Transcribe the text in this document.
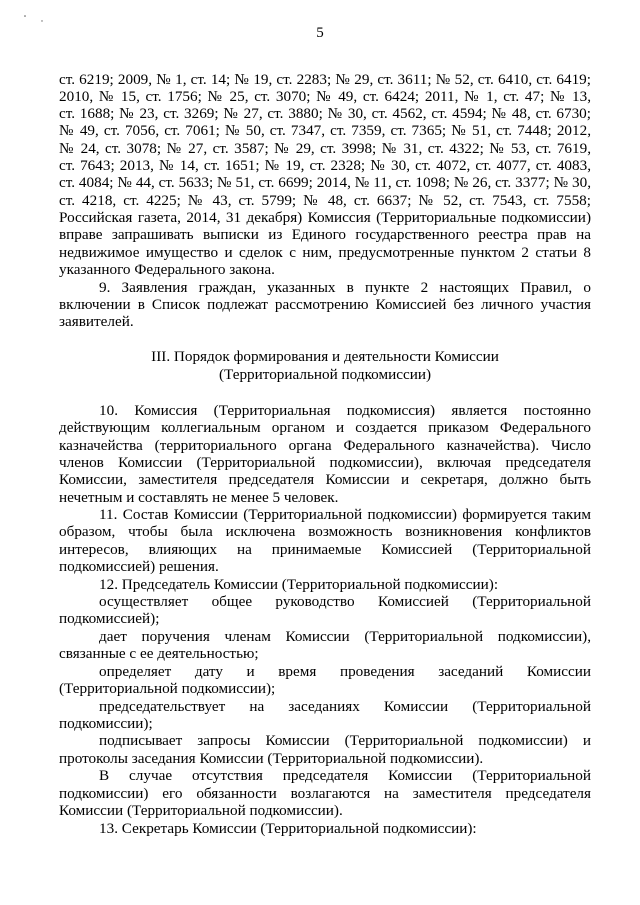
5

ст. 6219; 2009, № 1, ст. 14; № 19, ст. 2283; № 29, ст. 3611; № 52, ст. 6410, ст. 6419;

2010, № 15, ст. 1756; № 25, ст. 3070; № 49, ст. 6424; 2011, № 1, ст. 47; № 13,

ст. 1688; № 23, ст. 3269; № 27, ст. 3880; № 30, ст. 4562, ст. 4594; № 48, ст. 6730;

№ 49, ст. 7056, ст. 7061; № 50, ст. 7347, ст. 7359, ст. 7365; № 51, ст. 7448; 2012,

№ 24, ст. 3078; № 27, ст. 3587; № 29, ст. 3998; № 31, ст. 4322; № 53, ст. 7619,

ст. 7643; 2013, № 14, ст. 1651; № 19, ст. 2328; № 30, ст. 4072, ст. 4077, ст. 4083,

ст. 4084; № 44, ст. 5633; № 51, ст. 6699; 2014, № 11, ст. 1098; № 26, ст. 3377; № 30,

ст. 4218, ст. 4225; № 43, ст. 5799; № 48, ст. 6637; № 52, ст. 7543, ст. 7558;

Российская газета, 2014, 31 декабря) Комиссия (Территориальные подкомиссии)

вправе запрашивать выписки из Единого государственного реестра прав на

недвижимое имущество и сделок с ним, предусмотренные пунктом 2 статьи 8

указанного Федерального закона.

9. Заявления граждан, указанных в пункте 2 настоящих Правил, о

включении в Список подлежат рассмотрению Комиссией без личного участия

заявителей.

III. Порядок формирования и деятельности Комиссии

(Территориальной подкомиссии)

10. Комиссия (Территориальная подкомиссия) является постоянно

действующим коллегиальным органом и создается приказом Федерального

казначейства (территориального органа Федерального казначейства). Число

членов Комиссии (Территориальной подкомиссии), включая председателя

Комиссии, заместителя председателя Комиссии и секретаря, должно быть

нечетным и составлять не менее 5 человек.

11. Состав Комиссии (Территориальной подкомиссии) формируется таким

образом, чтобы была исключена возможность возникновения конфликтов

интересов, влияющих на принимаемые Комиссией (Территориальной

подкомиссией) решения.

12. Председатель Комиссии (Территориальной подкомиссии):

осуществляет общее руководство Комиссией (Территориальной

подкомиссией);

дает поручения членам Комиссии (Территориальной подкомиссии),

связанные с ее деятельностью;

определяет дату и время проведения заседаний Комиссии

(Территориальной подкомиссии);

председательствует на заседаниях Комиссии (Территориальной

подкомиссии);

подписывает запросы Комиссии (Территориальной подкомиссии) и

протоколы заседания Комиссии (Территориальной подкомиссии).

В случае отсутствия председателя Комиссии (Территориальной

подкомиссии) его обязанности возлагаются на заместителя председателя

Комиссии (Территориальной подкомиссии).

13. Секретарь Комиссии (Территориальной подкомиссии):
